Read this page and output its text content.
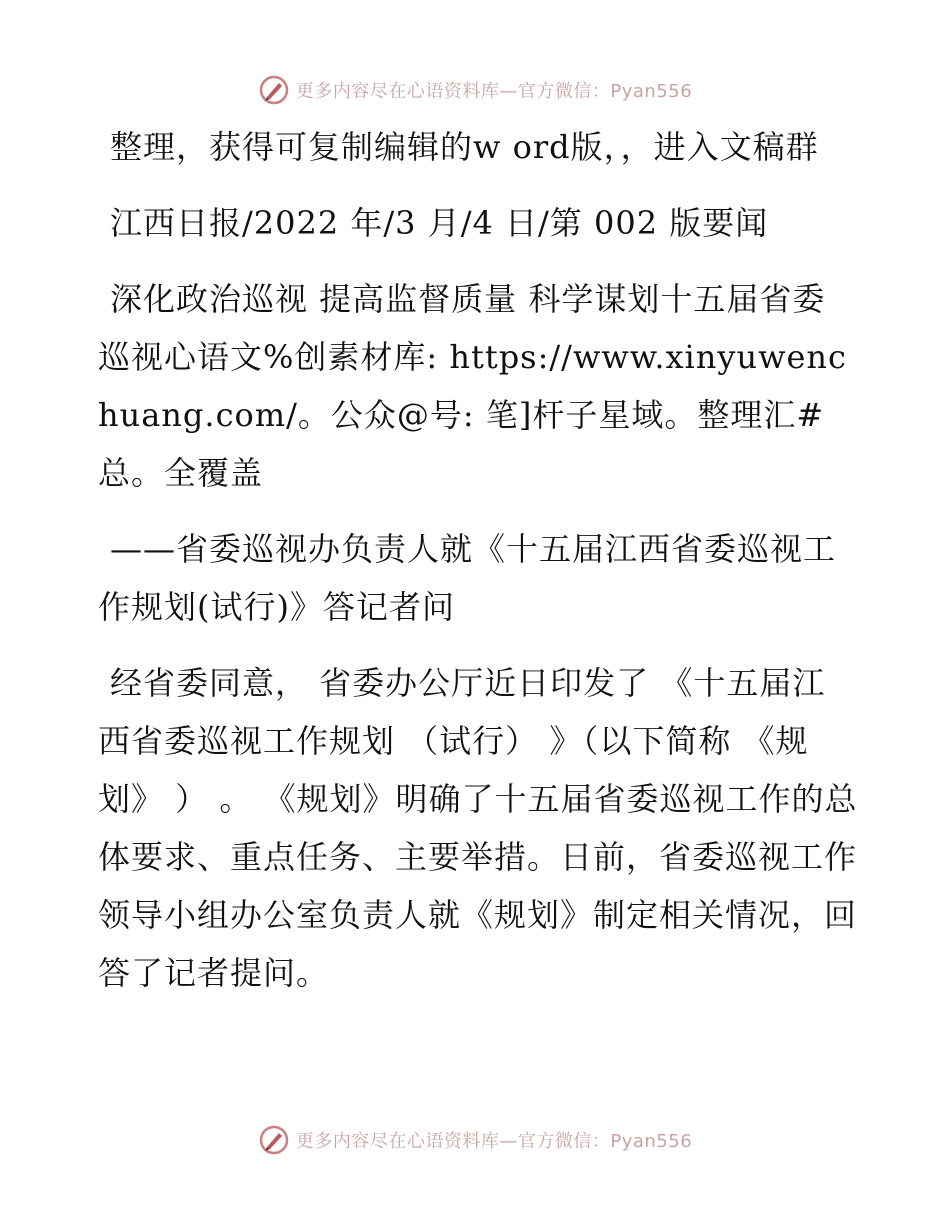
更多内容尽在心语资料库—官方微信：Pyan556

整理，获得可复制编辑的w ord版，，进入文稿群

江西日报/2022 年/3 月/4 日/第 002 版要闻

深化政治巡视 提高监督质量 科学谋划十五届省委巡视心语文%创素材库: https://www.xinyuwenchuang.com/。公众@号: 笔]杆子星域。整理汇#总。全覆盖

——省委巡视办负责人就《十五届江西省委巡视工作规划(试行)》答记者问

经省委同意， 省委办公厅近日印发了 《十五届江西省委巡视工作规划 （试行） 》（以下简称 《规划》 ） 。 《规划》明确了十五届省委巡视工作的总体要求、重点任务、主要举措。日前，省委巡视工作领导小组办公室负责人就《规划》制定相关情况，回答了记者提问。

更多内容尽在心语资料库—官方微信：Pyan556
